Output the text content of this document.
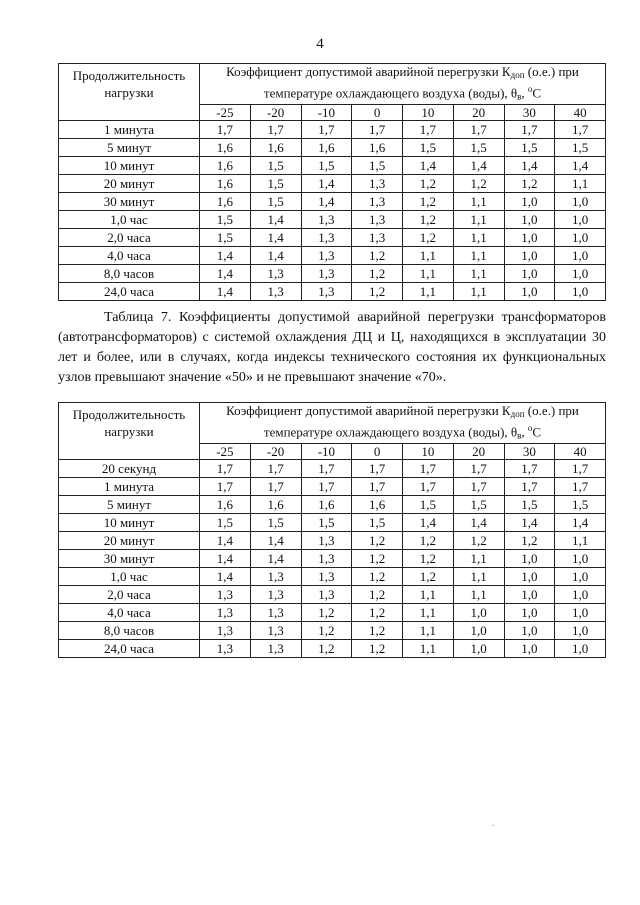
4
Продолжительность нагрузки	Коэффициент допустимой аварийной перегрузки $К_{доп}$ (о.е.) при температуре охлаждающего воздуха (воды), $\theta_в$, $^о$С							
	-25	-20	-10	0	10	20	30	40
1 минута	1,7	1,7	1,7	1,7	1,7	1,7	1,7	1,7
5 минут	1,6	1,6	1,6	1,6	1,5	1,5	1,5	1,5
10 минут	1,6	1,5	1,5	1,5	1,4	1,4	1,4	1,4
20 минут	1,6	1,5	1,4	1,3	1,2	1,2	1,2	1,1
30 минут	1,6	1,5	1,4	1,3	1,2	1,1	1,0	1,0
1,0 час	1,5	1,4	1,3	1,3	1,2	1,1	1,0	1,0
2,0 часа	1,5	1,4	1,3	1,3	1,2	1,1	1,0	1,0
4,0 часа	1,4	1,4	1,3	1,2	1,1	1,1	1,0	1,0
8,0 часов	1,4	1,3	1,3	1,2	1,1	1,1	1,0	1,0
24,0 часа	1,4	1,3	1,3	1,2	1,1	1,1	1,0	1,0
Таблица 7. Коэффициенты допустимой аварийной перегрузки трансформаторов (автотрансформаторов) с системой охлаждения ДЦ и Ц, находящихся в эксплуатации 30 лет и более, или в случаях, когда индексы технического состояния их функциональных узлов превышают значение «50» и не превышают значение «70».
Продолжительность нагрузки	Коэффициент допустимой аварийной перегрузки $К_{доп}$ (о.е.) при температуре охлаждающего воздуха (воды), $\theta_в$, $^о$С							
	-25	-20	-10	0	10	20	30	40
20 секунд	1,7	1,7	1,7	1,7	1,7	1,7	1,7	1,7
1 минута	1,7	1,7	1,7	1,7	1,7	1,7	1,7	1,7
5 минут	1,6	1,6	1,6	1,6	1,5	1,5	1,5	1,5
10 минут	1,5	1,5	1,5	1,5	1,4	1,4	1,4	1,4
20 минут	1,4	1,4	1,3	1,2	1,2	1,2	1,2	1,1
30 минут	1,4	1,4	1,3	1,2	1,2	1,1	1,0	1,0
1,0 час	1,4	1,3	1,3	1,2	1,2	1,1	1,0	1,0
2,0 часа	1,3	1,3	1,3	1,2	1,1	1,1	1,0	1,0
4,0 часа	1,3	1,3	1,2	1,2	1,1	1,0	1,0	1,0
8,0 часов	1,3	1,3	1,2	1,2	1,1	1,0	1,0	1,0
24,0 часа	1,3	1,3	1,2	1,2	1,1	1,0	1,0	1,0
.
